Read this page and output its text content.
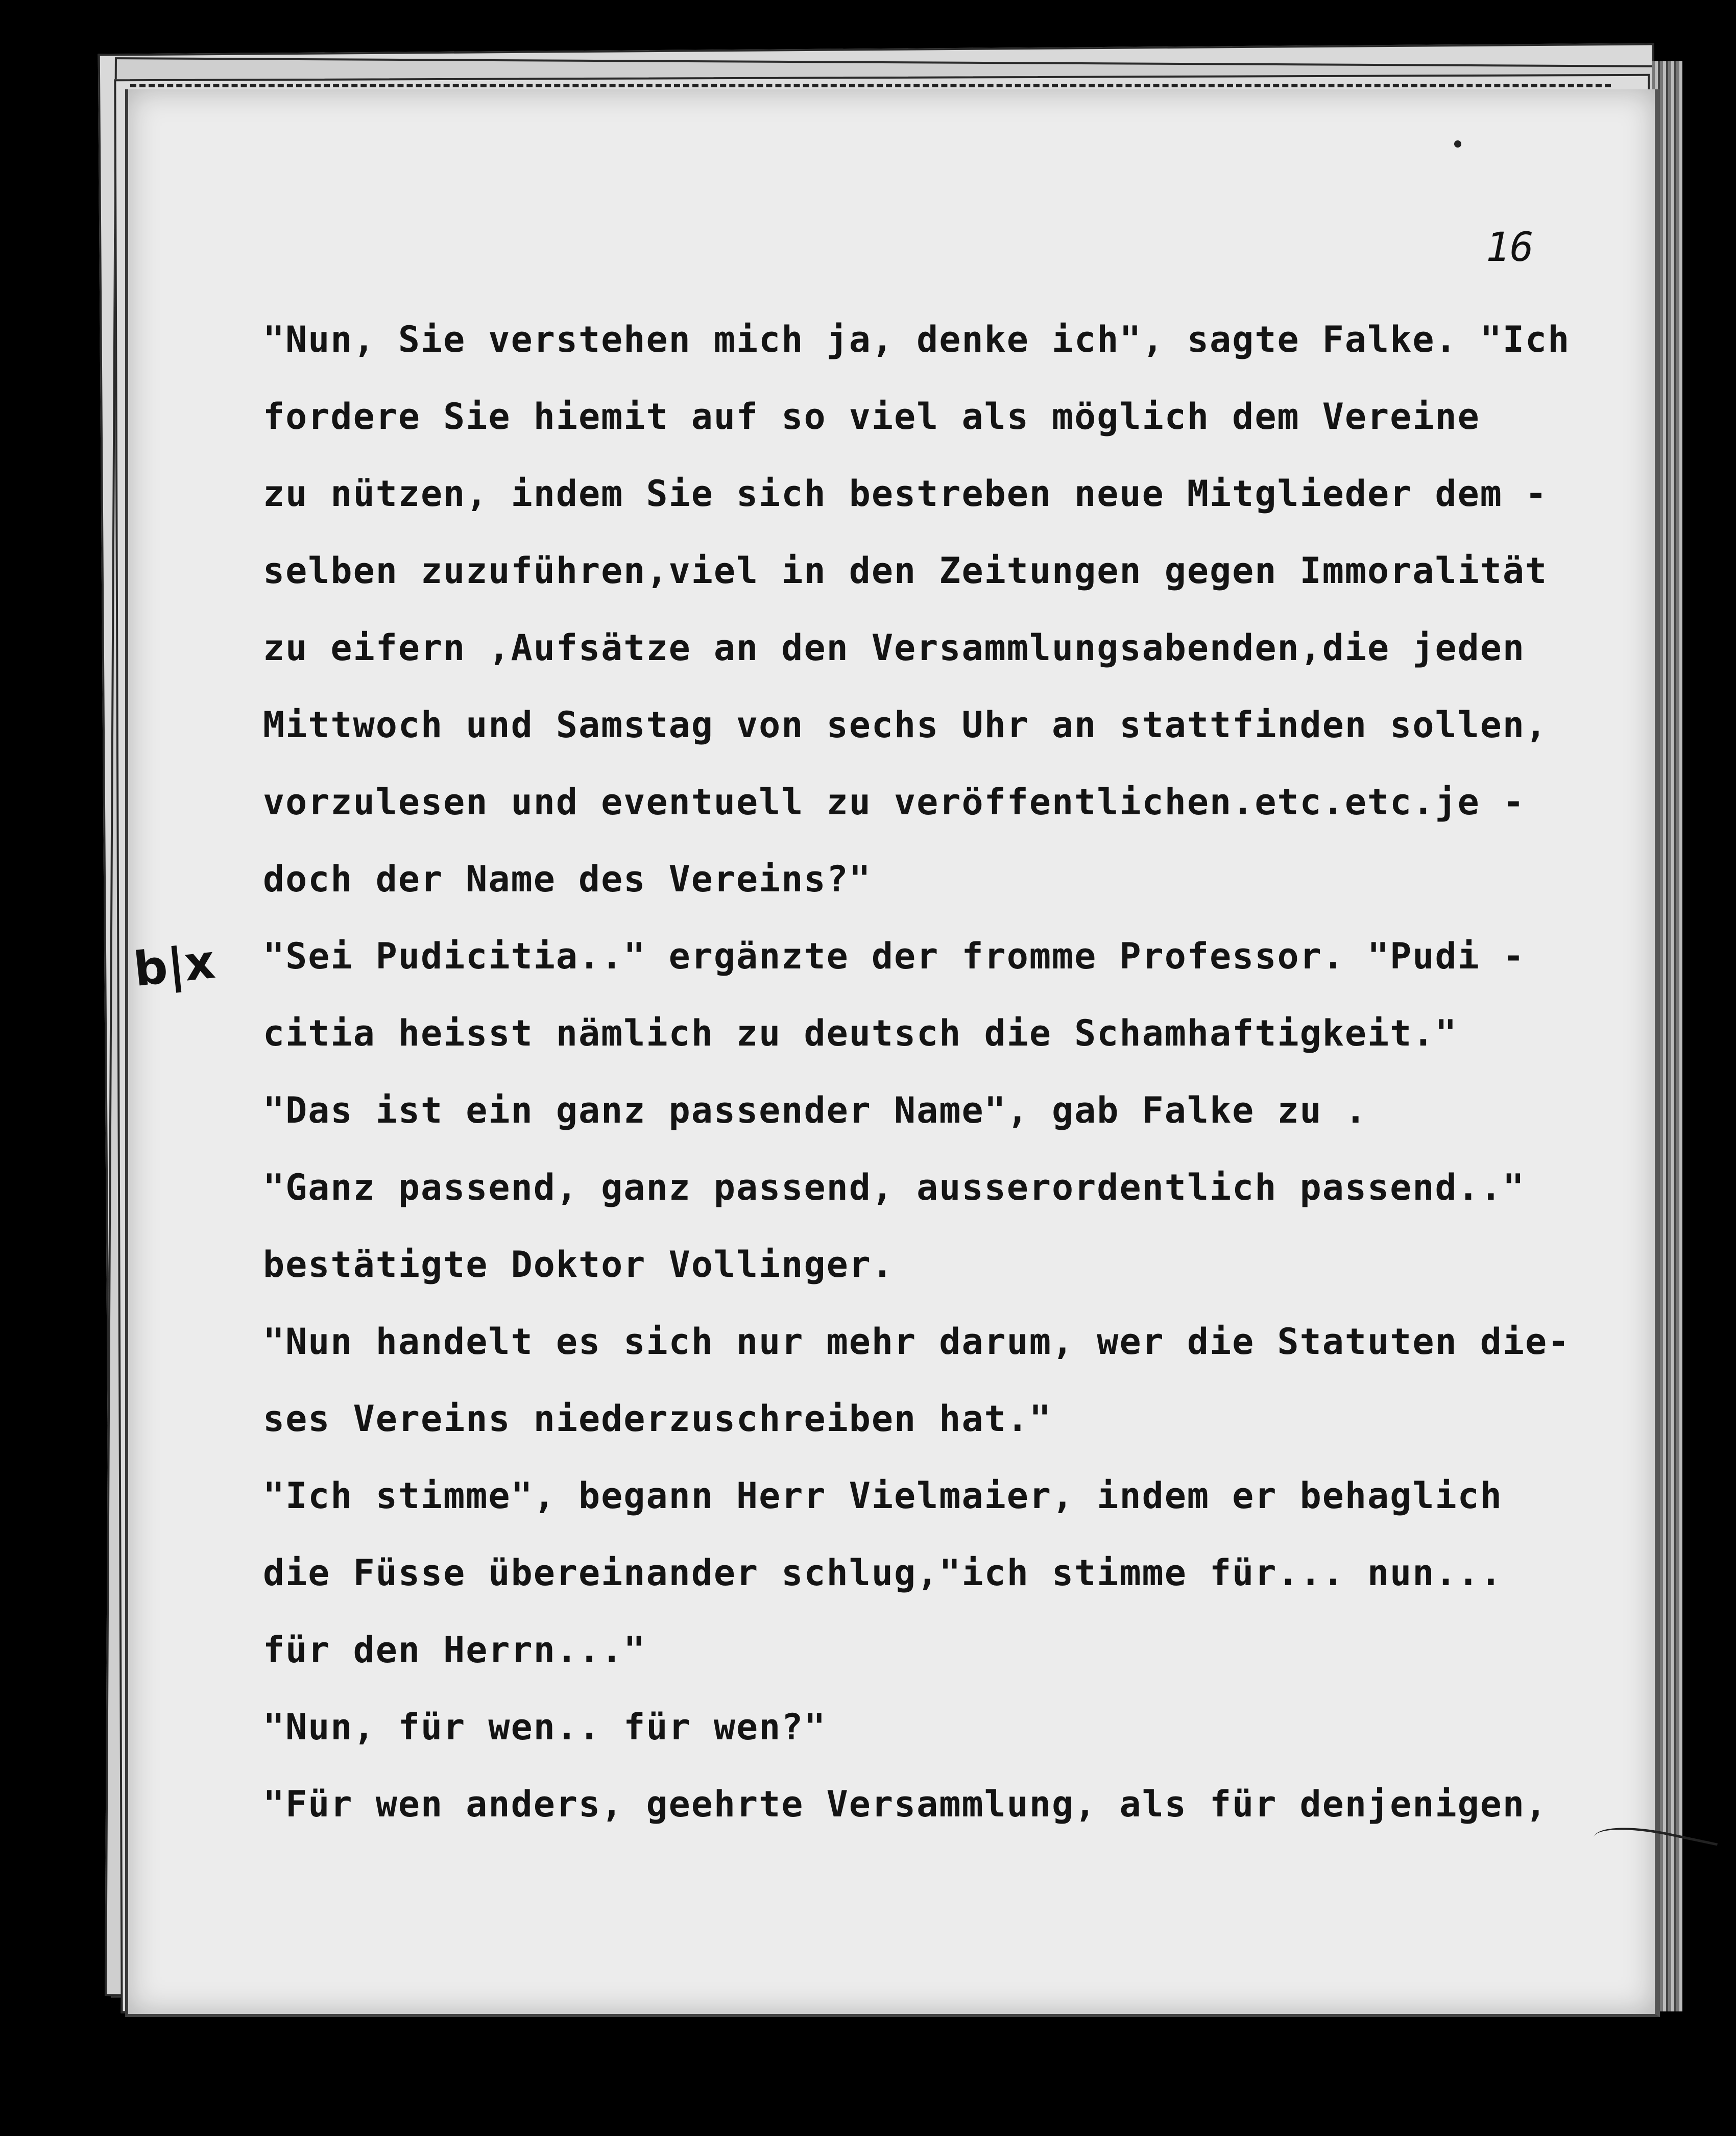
16

b|x
"Nun, Sie verstehen mich ja, denke ich", sagte Falke. "Ich
fordere Sie hiemit auf so viel als möglich dem Vereine
zu nützen, indem Sie sich bestreben neue Mitglieder dem -
selben zuzuführen,viel in den Zeitungen gegen Immoralität
zu eifern ,Aufsätze an den Versammlungsabenden,die jeden
Mittwoch und Samstag von sechs Uhr an stattfinden sollen,
vorzulesen und eventuell zu veröffentlichen.etc.etc.je -
doch der Name des Vereins?"
"Sei Pudicitia.." ergänzte der fromme Professor. "Pudi -
citia heisst nämlich zu deutsch die Schamhaftigkeit."
"Das ist ein ganz passender Name", gab Falke zu .
"Ganz passend, ganz passend, ausserordentlich passend.."
bestätigte Doktor Vollinger.
"Nun handelt es sich nur mehr darum, wer die Statuten die-
ses Vereins niederzuschreiben hat."
"Ich stimme", begann Herr Vielmaier, indem er behaglich
die Füsse übereinander schlug,"ich stimme für... nun...
für den Herrn..."
"Nun, für wen.. für wen?"
"Für wen anders, geehrte Versammlung, als für denjenigen,
